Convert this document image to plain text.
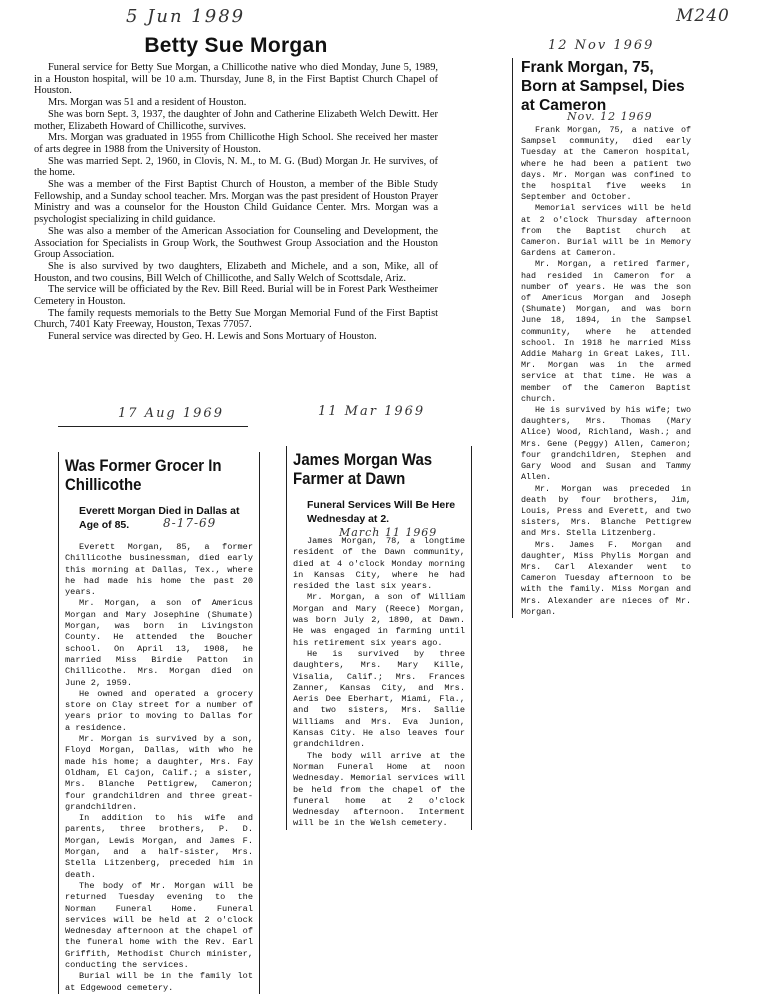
M240
5 Jun 1989
12 Nov 1969
17 Aug 1969	11 Mar 1969
Betty Sue Morgan

Funeral service for Betty Sue Morgan, a Chillicothe native who died Monday, June 5, 1989, in a Houston hospital, will be 10 a.m. Thursday, June 8, in the First Baptist Church Chapel of Houston.

Mrs. Morgan was 51 and a resident of Houston.

She was born Sept. 3, 1937, the daughter of John and Catherine Elizabeth Welch Dewitt. Her mother, Elizabeth Howard of Chillicothe, survives.

Mrs. Morgan was graduated in 1955 from Chillicothe High School. She received her master of arts degree in 1988 from the University of Houston.

She was married Sept. 2, 1960, in Clovis, N. M., to M. G. (Bud) Morgan Jr. He survives, of the home.

She was a member of the First Baptist Church of Houston, a member of the Bible Study Fellowship, and a Sunday school teacher. Mrs. Morgan was the past president of Houston Prayer Ministry and was a counselor for the Houston Child Guidance Center. Mrs. Morgan was a psychologist specializing in child guidance.

She was also a member of the American Association for Counseling and Development, the Association for Specialists in Group Work, the Southwest Group Association and the Houston Group Association.

She is also survived by two daughters, Elizabeth and Michele, and a son, Mike, all of Houston, and two cousins, Bill Welch of Chillicothe, and Sally Welch of Scottsdale, Ariz.

The service will be officiated by the Rev. Bill Reed. Burial will be in Forest Park Westheimer Cemetery in Houston.

The family requests memorials to the Betty Sue Morgan Memorial Fund of the First Baptist Church, 7401 Katy Freeway, Houston, Texas 77057.

Funeral service was directed by Geo. H. Lewis and Sons Mortuary of Houston.

Was Former Grocer In Chillicothe
Everett Morgan Died in Dallas at Age of 85.	8-17-69

Everett Morgan, 85, a former Chillicothe businessman, died early this morning at Dallas, Tex., where he had made his home the past 20 years.

Mr. Morgan, a son of Americus Morgan and Mary Josephine (Shumate) Morgan, was born in Livingston County. He attended the Boucher school. On April 13, 1908, he married Miss Birdie Patton in Chillicothe. Mrs. Morgan died on June 2, 1959.

He owned and operated a grocery store on Clay street for a number of years prior to moving to Dallas for a residence.

Mr. Morgan is survived by a son, Floyd Morgan, Dallas, with who he made his home; a daughter, Mrs. Fay Oldham, El Cajon, Calif.; a sister, Mrs. Blanche Pettigrew, Cameron; four grandchildren and three great-grandchildren.

In addition to his wife and parents, three brothers, P. D. Morgan, Lewis Morgan, and James F. Morgan, and a half-sister, Mrs. Stella Litzenberg, preceded him in death.

The body of Mr. Morgan will be returned Tuesday evening to the Norman Funeral Home. Funeral services will be held at 2 o'clock Wednesday afternoon at the chapel of the funeral home with the Rev. Earl Griffith, Methodist Church minister, conducting the services.

Burial will be in the family lot at Edgewood cemetery.

James Morgan Was Farmer at Dawn
Funeral Services Will Be Here Wednesday at 2.
March 11 1969

James Morgan, 78, a longtime resident of the Dawn community, died at 4 o'clock Monday morning in Kansas City, where he had resided the last six years.

Mr. Morgan, a son of William Morgan and Mary (Reece) Morgan, was born July 2, 1890, at Dawn. He was engaged in farming until his retirement six years ago.

He is survived by three daughters, Mrs. Mary Kille, Visalia, Calif.; Mrs. Frances Zanner, Kansas City, and Mrs. Aeris Dee Eberhart, Miami, Fla., and two sisters, Mrs. Sallie Williams and Mrs. Eva Junion, Kansas City. He also leaves four grandchildren.

The body will arrive at the Norman Funeral Home at noon Wednesday. Memorial services will be held from the chapel of the funeral home at 2 o'clock Wednesday afternoon. Interment will be in the Welsh cemetery.

Frank Morgan, 75, Born at Sampsel, Dies at Cameron
Nov. 12 1969

Frank Morgan, 75, a native of Sampsel community, died early Tuesday at the Cameron hospital, where he had been a patient two days. Mr. Morgan was confined to the hospital five weeks in September and October.

Memorial services will be held at 2 o'clock Thursday afternoon from the Baptist church at Cameron. Burial will be in Memory Gardens at Cameron.

Mr. Morgan, a retired farmer, had resided in Cameron for a number of years. He was the son of Americus Morgan and Joseph (Shumate) Morgan, and was born June 18, 1894, in the Sampsel community, where he attended school. In 1918 he married Miss Addie Maharg in Great Lakes, Ill. Mr. Morgan was in the armed service at that time. He was a member of the Cameron Baptist church.

He is survived by his wife; two daughters, Mrs. Thomas (Mary Alice) Wood, Richland, Wash.; and Mrs. Gene (Peggy) Allen, Cameron; four grandchildren, Stephen and Gary Wood and Susan and Tammy Allen.

Mr. Morgan was preceded in death by four brothers, Jim, Louis, Press and Everett, and two sisters, Mrs. Blanche Pettigrew and Mrs. Stella Litzenberg.

Mrs. James F. Morgan and daughter, Miss Phylis Morgan and Mrs. Carl Alexander went to Cameron Tuesday afternoon to be with the family. Miss Morgan and Mrs. Alexander are nieces of Mr. Morgan.
